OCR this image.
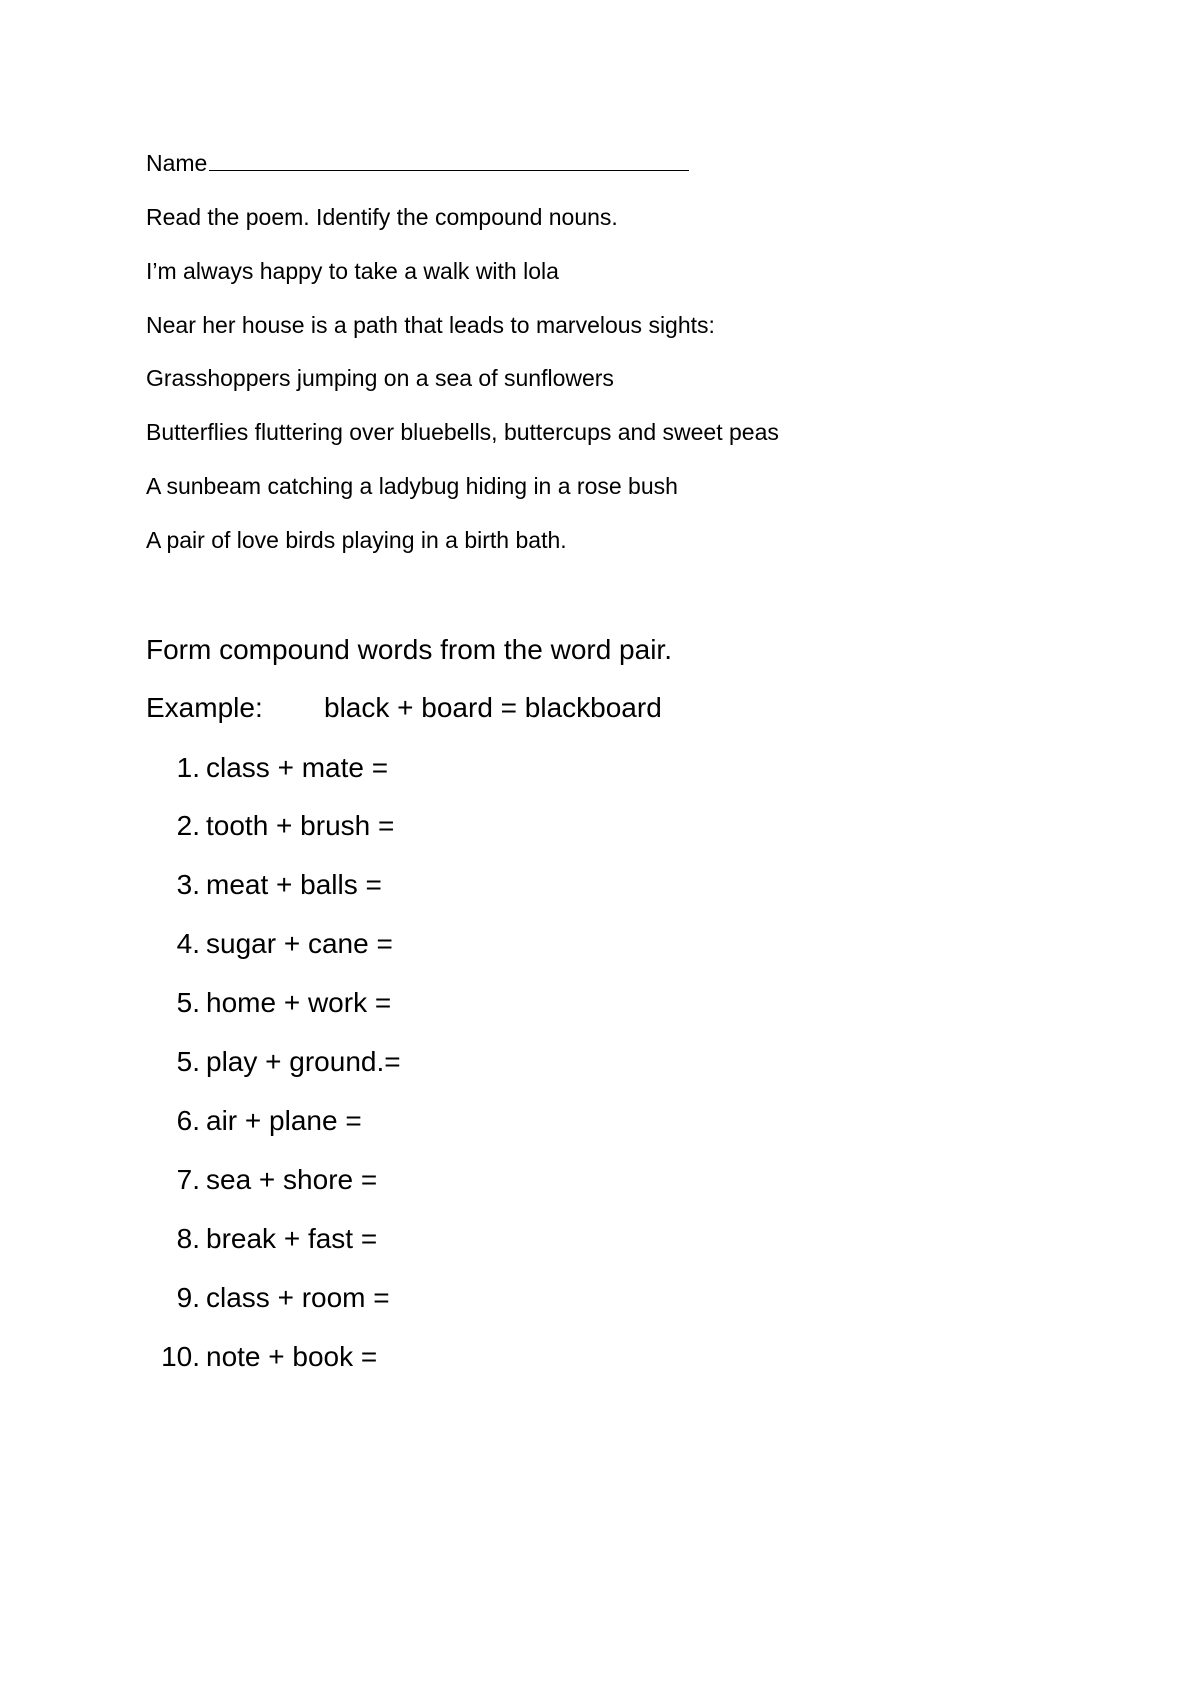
Name
Read the poem. Identify the compound nouns.
I’m always happy to take a walk with lola
Near her house is a path that leads to marvelous sights:
Grasshoppers jumping on a sea of sunflowers
Butterflies fluttering over bluebells, buttercups and sweet peas
A sunbeam catching a ladybug hiding in a rose bush
A pair of love birds playing in a birth bath.
Form compound words from the word pair.
Example: black + board = blackboard
1. class + mate =
2. tooth + brush =
3. meat + balls =
4. sugar + cane =
5. home + work =
5. play + ground.=
6. air + plane =
7. sea + shore =
8. break + fast =
9. class + room =
10. note + book =
